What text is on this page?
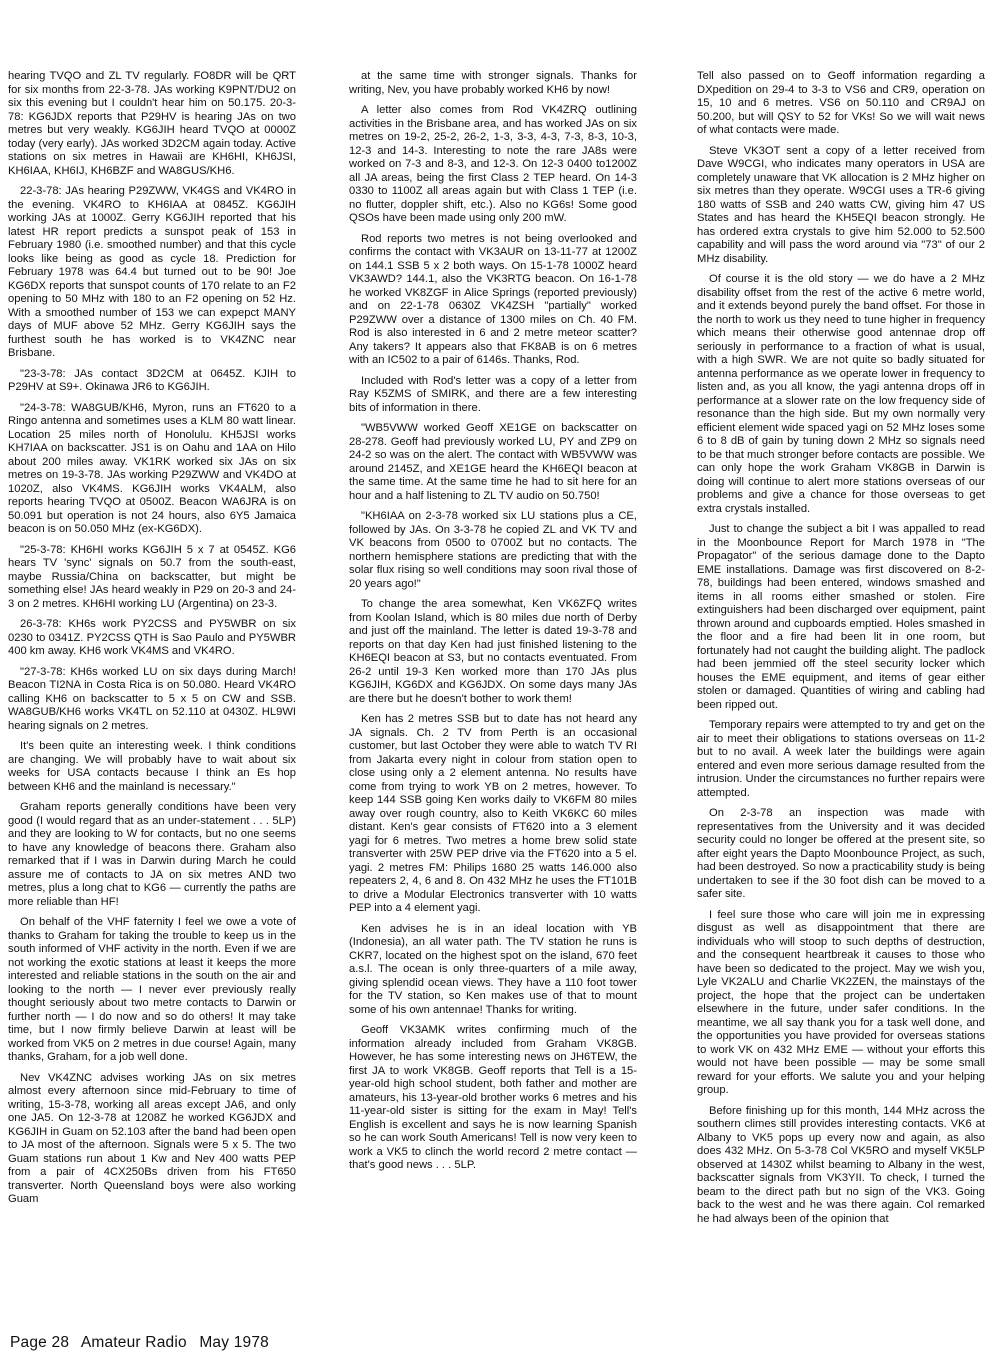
hearing TVQO and ZL TV regularly. FO8DR will be QRT for six months from 22-3-78. JAs working K9PNT/DU2 on six this evening but I couldn't hear him on 50.175. 20-3-78: KG6JDX reports that P29HV is hearing JAs on two metres but very weakly. KG6JIH heard TVQO at 0000Z today (very early). JAs worked 3D2CM again today. Active stations on six metres in Hawaii are KH6HI, KH6JSI, KH6IAA, KH6IJ, KH6BZF and WA8GUS/KH6.

22-3-78: JAs hearing P29ZWW, VK4GS and VK4RO in the evening. VK4RO to KH6IAA at 0845Z. KG6JIH working JAs at 1000Z. Gerry KG6JIH reported that his latest HR report predicts a sunspot peak of 153 in February 1980 (i.e. smoothed number) and that this cycle looks like being as good as cycle 18. Prediction for February 1978 was 64.4 but turned out to be 90! Joe KG6DX reports that sunspot counts of 170 relate to an F2 opening to 50 MHz with 180 to an F2 opening on 52 Hz. With a smoothed number of 153 we can expepct MANY days of MUF above 52 MHz. Gerry KG6JIH says the furthest south he has worked is to VK4ZNC near Brisbane.

"23-3-78: JAs contact 3D2CM at 0645Z. KJIH to P29HV at S9+. Okinawa JR6 to KG6JIH.

"24-3-78: WA8GUB/KH6, Myron, runs an FT620 to a Ringo antenna and sometimes uses a KLM 80 watt linear. Location 25 miles north of Honolulu. KH5JSI works KH7IAA on backscatter. JS1 is on Oahu and 1AA on Hilo about 200 miles away. VK1RK worked six JAs on six metres on 19-3-78. JAs working P29ZWW and VK4DO at 1020Z, also VK4MS. KG6JIH works VK4ALM, also reports hearing TVQO at 0500Z. Beacon WA6JRA is on 50.091 but operation is not 24 hours, also 6Y5 Jamaica beacon is on 50.050 MHz (ex-KG6DX).

"25-3-78: KH6HI works KG6JIH 5 x 7 at 0545Z. KG6 hears TV 'sync' signals on 50.7 from the south-east, maybe Russia/China on backscatter, but might be something else! JAs heard weakly in P29 on 20-3 and 24-3 on 2 metres. KH6HI working LU (Argentina) on 23-3.

26-3-78: KH6s work PY2CSS and PY5WBR on six 0230 to 0341Z. PY2CSS QTH is Sao Paulo and PY5WBR 400 km away. KH6 work VK4MS and VK4RO.

"27-3-78: KH6s worked LU on six days during March! Beacon TI2NA in Costa Rica is on 50.080. Heard VK4RO calling KH6 on backscatter to 5 x 5 on CW and SSB. WA8GUB/KH6 works VK4TL on 52.110 at 0430Z. HL9WI hearing signals on 2 metres.

It's been quite an interesting week. I think conditions are changing. We will probably have to wait about six weeks for USA contacts because I think an Es hop between KH6 and the mainland is necessary."

Graham reports generally conditions have been very good (I would regard that as an under-statement . . . 5LP) and they are looking to W for contacts, but no one seems to have any knowledge of beacons there. Graham also remarked that if I was in Darwin during March he could assure me of contacts to JA on six metres AND two metres, plus a long chat to KG6 — currently the paths are more reliable than HF!

On behalf of the VHF faternity I feel we owe a vote of thanks to Graham for taking the trouble to keep us in the south informed of VHF activity in the north. Even if we are not working the exotic stations at least it keeps the more interested and reliable stations in the south on the air and looking to the north — I never ever previously really thought seriously about two metre contacts to Darwin or further north — I do now and so do others! It may take time, but I now firmly believe Darwin at least will be worked from VK5 on 2 metres in due course! Again, many thanks, Graham, for a job well done.

Nev VK4ZNC advises working JAs on six metres almost every afternoon since mid-February to time of writing, 15-3-78, working all areas except JA6, and only one JA5. On 12-3-78 at 1208Z he worked KG6JDX and KG6JIH in Guam on 52.103 after the band had been open to JA most of the afternoon. Signals were 5 x 5. The two Guam stations run about 1 Kw and Nev 400 watts PEP from a pair of 4CX250Bs driven from his FT650 transverter. North Queensland boys were also working Guam

at the same time with stronger signals. Thanks for writing, Nev, you have probably worked KH6 by now!

A letter also comes from Rod VK4ZRQ outlining activities in the Brisbane area, and has worked JAs on six metres on 19-2, 25-2, 26-2, 1-3, 3-3, 4-3, 7-3, 8-3, 10-3, 12-3 and 14-3. Interesting to note the rare JA8s were worked on 7-3 and 8-3, and 12-3. On 12-3 0400 to1200Z all JA areas, being the first Class 2 TEP heard. On 14-3 0330 to 1100Z all areas again but with Class 1 TEP (i.e. no flutter, doppler shift, etc.). Also no KG6s! Some good QSOs have been made using only 200 mW.

Rod reports two metres is not being overlooked and confirms the contact with VK3AUR on 13-11-77 at 1200Z on 144.1 SSB 5 x 2 both ways. On 15-1-78 1000Z heard VK3AWD? 144.1, also the VK3RTG beacon. On 16-1-78 he worked VK8ZGF in Alice Springs (reported previously) and on 22-1-78 0630Z VK4ZSH "partially" worked P29ZWW over a distance of 1300 miles on Ch. 40 FM. Rod is also interested in 6 and 2 metre meteor scatter? Any takers? It appears also that FK8AB is on 6 metres with an IC502 to a pair of 6146s. Thanks, Rod.

Included with Rod's letter was a copy of a letter from Ray K5ZMS of SMIRK, and there are a few interesting bits of information in there.

"WB5VWW worked Geoff XE1GE on backscatter on 28-278. Geoff had previously worked LU, PY and ZP9 on 24-2 so was on the alert. The contact with WB5VWW was around 2145Z, and XE1GE heard the KH6EQI beacon at the same time. At the same time he had to sit here for an hour and a half listening to ZL TV audio on 50.750!

"KH6IAA on 2-3-78 worked six LU stations plus a CE, followed by JAs. On 3-3-78 he copied ZL and VK TV and VK beacons from 0500 to 0700Z but no contacts. The northern hemisphere stations are predicting that with the solar flux rising so well conditions may soon rival those of 20 years ago!"

To change the area somewhat, Ken VK6ZFQ writes from Koolan Island, which is 80 miles due north of Derby and just off the mainland. The letter is dated 19-3-78 and reports on that day Ken had just finished listening to the KH6EQI beacon at S3, but no contacts eventuated. From 26-2 until 19-3 Ken worked more than 170 JAs plus KG6JIH, KG6DX and KG6JDX. On some days many JAs are there but he doesn't bother to work them!

Ken has 2 metres SSB but to date has not heard any JA signals. Ch. 2 TV from Perth is an occasional customer, but last October they were able to watch TV RI from Jakarta every night in colour from station open to close using only a 2 element antenna. No results have come from trying to work YB on 2 metres, however. To keep 144 SSB going Ken works daily to VK6FM 80 miles away over rough country, also to Keith VK6KC 60 miles distant. Ken's gear consists of FT620 into a 3 element yagi for 6 metres. Two metres a home brew solid state transverter with 25W PEP drive via the FT620 into a 5 el. yagi. 2 metres FM: Philips 1680 25 watts 146.000 also repeaters 2, 4, 6 and 8. On 432 MHz he uses the FT101B to drive a Modular Electronics transverter with 10 watts PEP into a 4 element yagi.

Ken advises he is in an ideal location with YB (Indonesia), an all water path. The TV station he runs is CKR7, located on the highest spot on the island, 670 feet a.s.l. The ocean is only three-quarters of a mile away, giving splendid ocean views. They have a 110 foot tower for the TV station, so Ken makes use of that to mount some of his own antennae! Thanks for writing.

Geoff VK3AMK writes confirming much of the information already included from Graham VK8GB. However, he has some interesting news on JH6TEW, the first JA to work VK8GB. Geoff reports that Tell is a 15-year-old high school student, both father and mother are amateurs, his 13-year-old brother works 6 metres and his 11-year-old sister is sitting for the exam in May! Tell's English is excellent and says he is now learning Spanish so he can work South Americans! Tell is now very keen to work a VK5 to clinch the world record 2 metre contact — that's good news . . . 5LP.

Tell also passed on to Geoff information regarding a DXpedition on 29-4 to 3-3 to VS6 and CR9, operation on 15, 10 and 6 metres. VS6 on 50.110 and CR9AJ on 50.200, but will QSY to 52 for VKs! So we will wait news of what contacts were made.

Steve VK3OT sent a copy of a letter received from Dave W9CGI, who indicates many operators in USA are completely unaware that VK allocation is 2 MHz higher on six metres than they operate. W9CGI uses a TR-6 giving 180 watts of SSB and 240 watts CW, giving him 47 US States and has heard the KH5EQI beacon strongly. He has ordered extra crystals to give him 52.000 to 52.500 capability and will pass the word around via "73" of our 2 MHz disability.

Of course it is the old story — we do have a 2 MHz disability offset from the rest of the active 6 metre world, and it extends beyond purely the band offset. For those in the north to work us they need to tune higher in frequency which means their otherwise good antennae drop off seriously in performance to a fraction of what is usual, with a high SWR. We are not quite so badly situated for antenna performance as we operate lower in frequency to listen and, as you all know, the yagi antenna drops off in performance at a slower rate on the low frequency side of resonance than the high side. But my own normally very efficient element wide spaced yagi on 52 MHz loses some 6 to 8 dB of gain by tuning down 2 MHz so signals need to be that much stronger before contacts are possible. We can only hope the work Graham VK8GB in Darwin is doing will continue to alert more stations overseas of our problems and give a chance for those overseas to get extra crystals installed.

Just to change the subject a bit I was appalled to read in the Moonbounce Report for March 1978 in "The Propagator" of the serious damage done to the Dapto EME installations. Damage was first discovered on 8-2-78, buildings had been entered, windows smashed and items in all rooms either smashed or stolen. Fire extinguishers had been discharged over equipment, paint thrown around and cupboards emptied. Holes smashed in the floor and a fire had been lit in one room, but fortunately had not caught the building alight. The padlock had been jemmied off the steel security locker which houses the EME equipment, and items of gear either stolen or damaged. Quantities of wiring and cabling had been ripped out.

Temporary repairs were attempted to try and get on the air to meet their obligations to stations overseas on 11-2 but to no avail. A week later the buildings were again entered and even more serious damage resulted from the intrusion. Under the circumstances no further repairs were attempted.

On 2-3-78 an inspection was made with representatives from the University and it was decided security could no longer be offered at the present site, so after eight years the Dapto Moonbounce Project, as such, had been destroyed. So now a practicability study is being undertaken to see if the 30 foot dish can be moved to a safer site.

I feel sure those who care will join me in expressing disgust as well as disappointment that there are individuals who will stoop to such depths of destruction, and the consequent heartbreak it causes to those who have been so dedicated to the project. May we wish you, Lyle VK2ALU and Charlie VK2ZEN, the mainstays of the project, the hope that the project can be undertaken elsewhere in the future, under safer conditions. In the meantime, we all say thank you for a task well done, and the opportunities you have provided for overseas stations to work VK on 432 MHz EME — without your efforts this would not have been possible — may be some small reward for your efforts. We salute you and your helping group.

Before finishing up for this month, 144 MHz across the southern climes still provides interesting contacts. VK6 at Albany to VK5 pops up every now and again, as also does 432 MHz. On 5-3-78 Col VK5RO and myself VK5LP observed at 1430Z whilst beaming to Albany in the west, backscatter signals from VK3YII. To check, I turned the beam to the direct path but no sign of the VK3. Going back to the west and he was there again. Col remarked he had always been of the opinion that

Page 28 Amateur Radio May 1978
